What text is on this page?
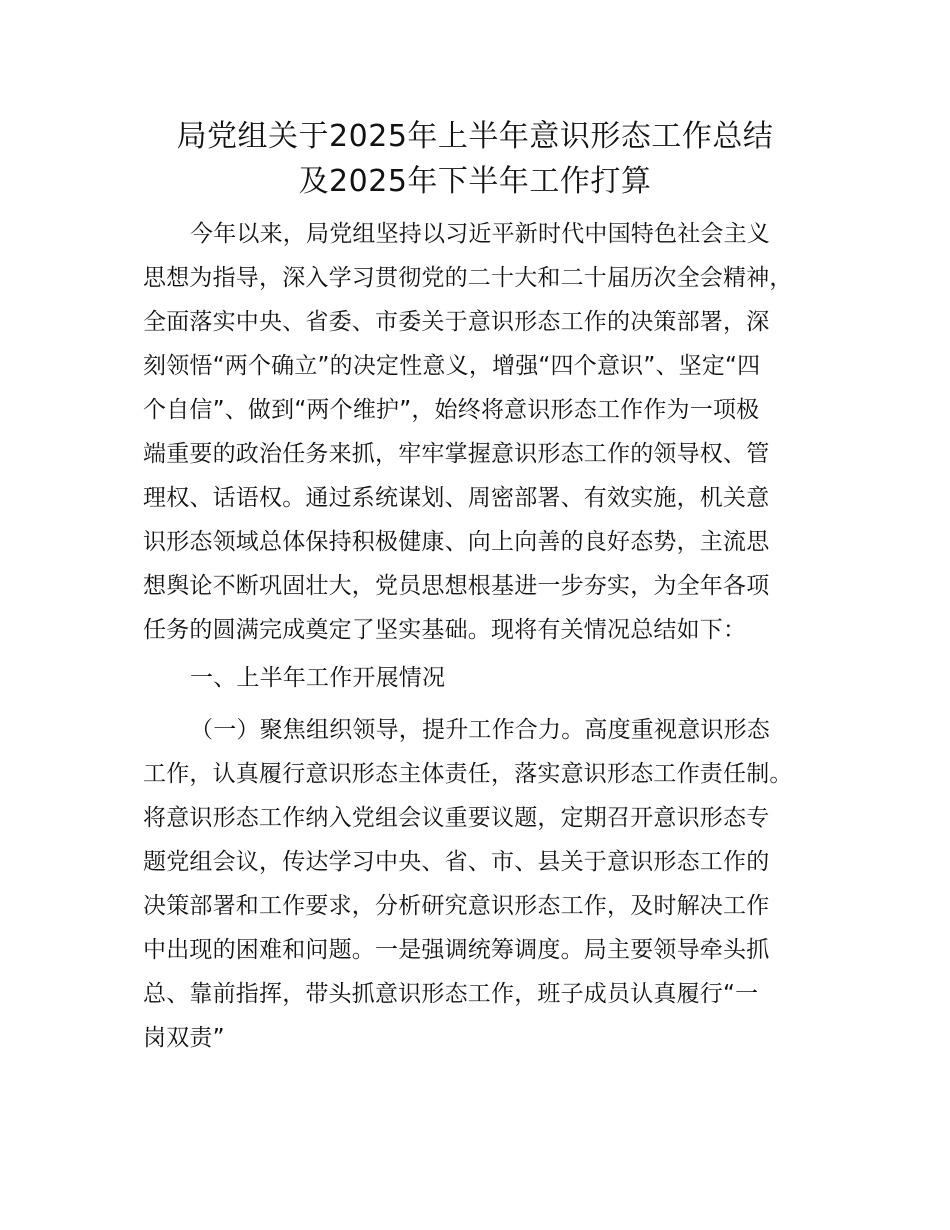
局党组关于2025年上半年意识形态工作总结
及2025年下半年工作打算
今年以来，局党组坚持以习近平新时代中国特色社会主义
思想为指导，深入学习贯彻党的二十大和二十届历次全会精神，
全面落实中央、省委、市委关于意识形态工作的决策部署，深
刻领悟“两个确立”的决定性意义，增强“四个意识”、坚定“四
个自信”、做到“两个维护”，始终将意识形态工作作为一项极
端重要的政治任务来抓，牢牢掌握意识形态工作的领导权、管
理权、话语权。通过系统谋划、周密部署、有效实施，机关意
识形态领域总体保持积极健康、向上向善的良好态势，主流思
想舆论不断巩固壮大，党员思想根基进一步夯实，为全年各项
任务的圆满完成奠定了坚实基础。现将有关情况总结如下：
一、上半年工作开展情况
（一）聚焦组织领导，提升工作合力。高度重视意识形态
工作，认真履行意识形态主体责任，落实意识形态工作责任制。
将意识形态工作纳入党组会议重要议题，定期召开意识形态专
题党组会议，传达学习中央、省、市、县关于意识形态工作的
决策部署和工作要求，分析研究意识形态工作，及时解决工作
中出现的困难和问题。一是强调统筹调度。局主要领导牵头抓
总、靠前指挥，带头抓意识形态工作，班子成员认真履行“一
岗双责”
